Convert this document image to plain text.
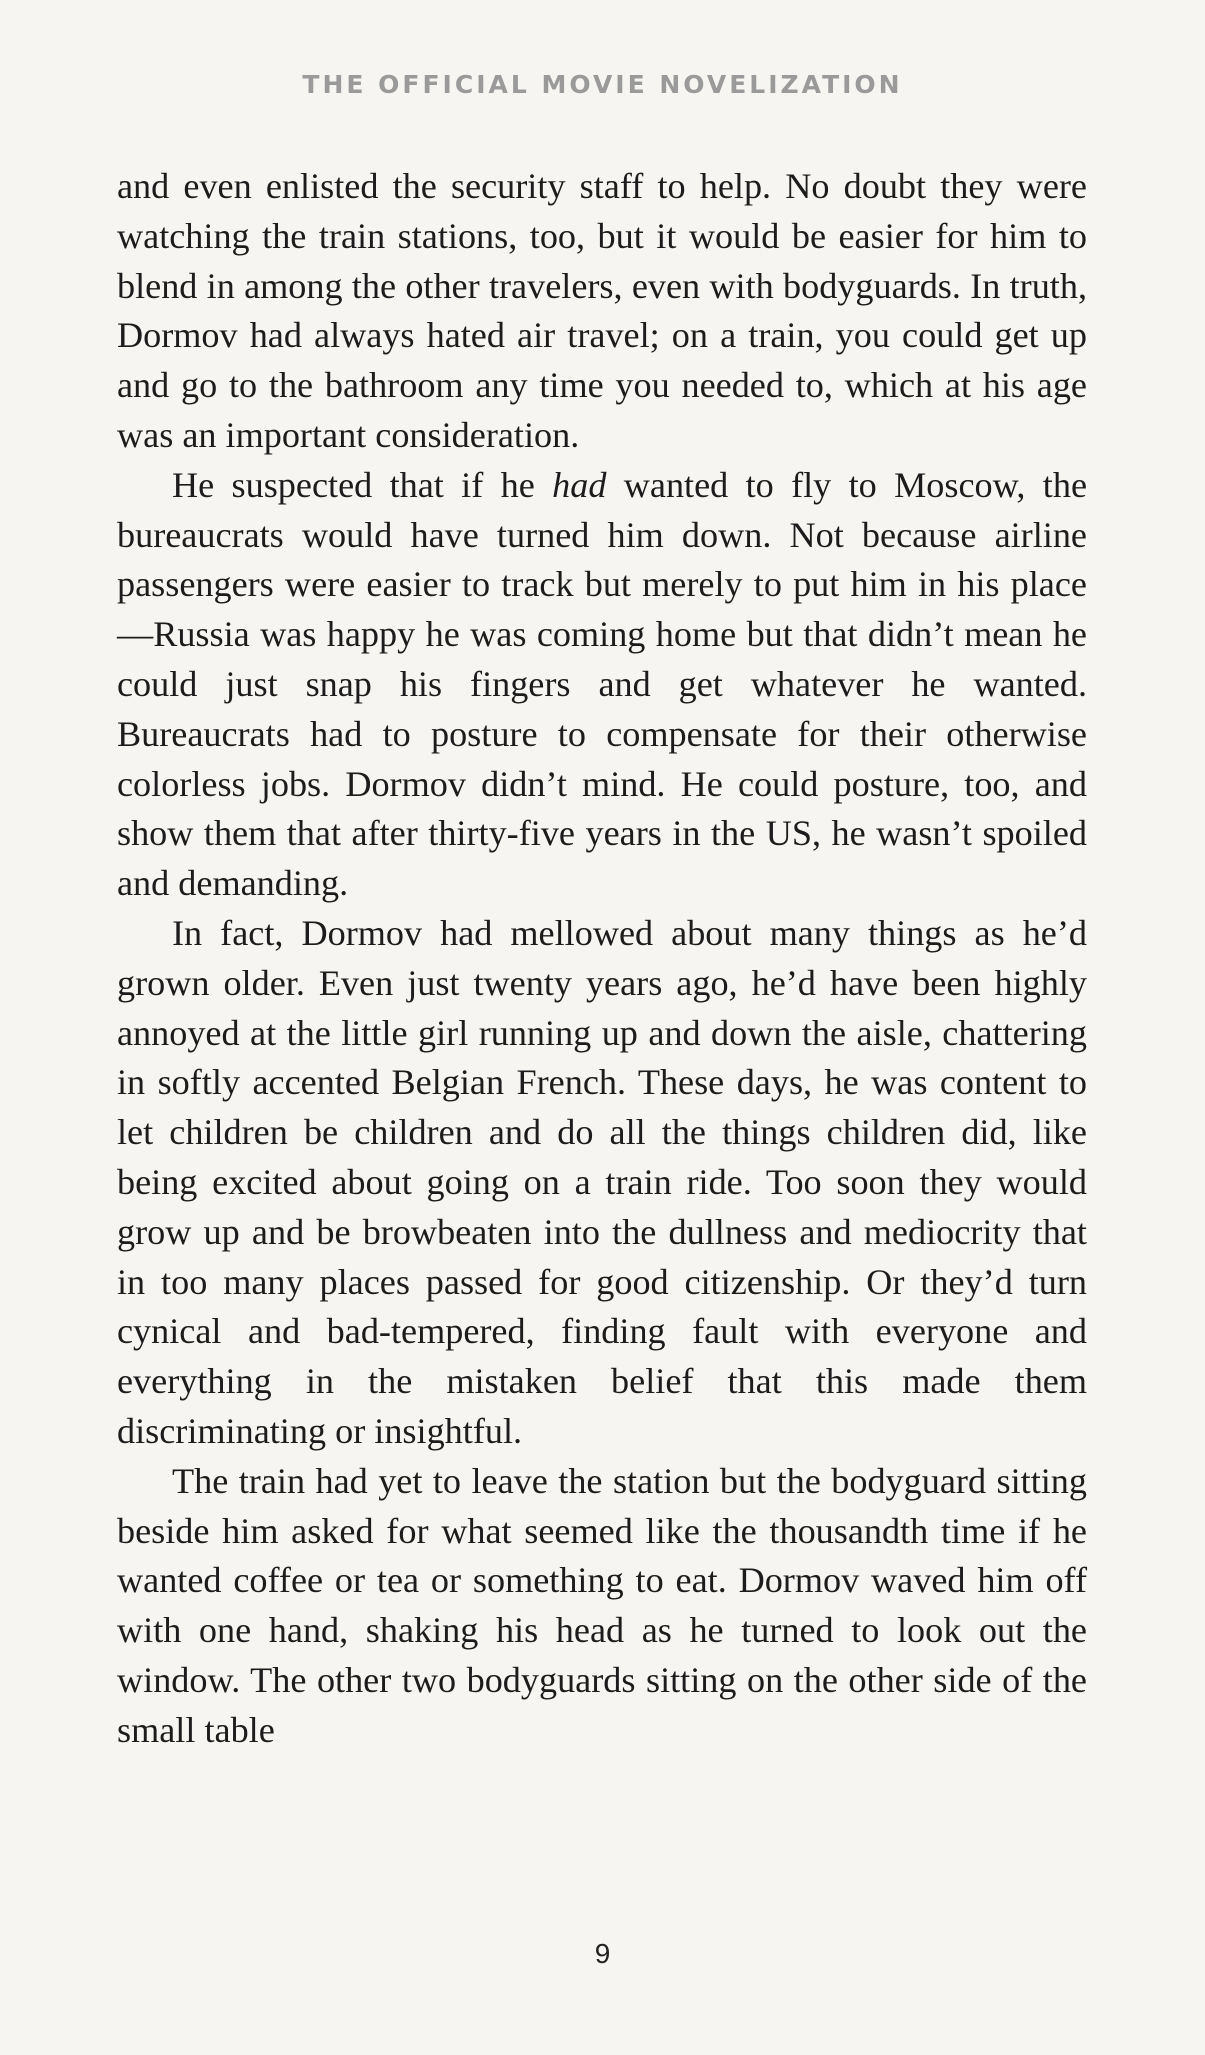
THE OFFICIAL MOVIE NOVELIZATION

and even enlisted the security staff to help. No doubt they were watching the train stations, too, but it would be easier for him to blend in among the other travelers, even with bodyguards. In truth, Dormov had always hated air travel; on a train, you could get up and go to the bathroom any time you needed to, which at his age was an important consideration.

He suspected that if he had wanted to fly to Moscow, the bureaucrats would have turned him down. Not because airline passengers were easier to track but merely to put him in his place—Russia was happy he was coming home but that didn’t mean he could just snap his fingers and get whatever he wanted. Bureaucrats had to posture to compensate for their otherwise colorless jobs. Dormov didn’t mind. He could posture, too, and show them that after thirty-five years in the US, he wasn’t spoiled and demanding.

In fact, Dormov had mellowed about many things as he’d grown older. Even just twenty years ago, he’d have been highly annoyed at the little girl running up and down the aisle, chattering in softly accented Belgian French. These days, he was content to let children be children and do all the things children did, like being excited about going on a train ride. Too soon they would grow up and be browbeaten into the dullness and mediocrity that in too many places passed for good citizenship. Or they’d turn cynical and bad-tempered, finding fault with everyone and everything in the mistaken belief that this made them discriminating or insightful.

The train had yet to leave the station but the bodyguard sitting beside him asked for what seemed like the thousandth time if he wanted coffee or tea or something to eat. Dormov waved him off with one hand, shaking his head as he turned to look out the window. The other two bodyguards sitting on the other side of the small table

9
